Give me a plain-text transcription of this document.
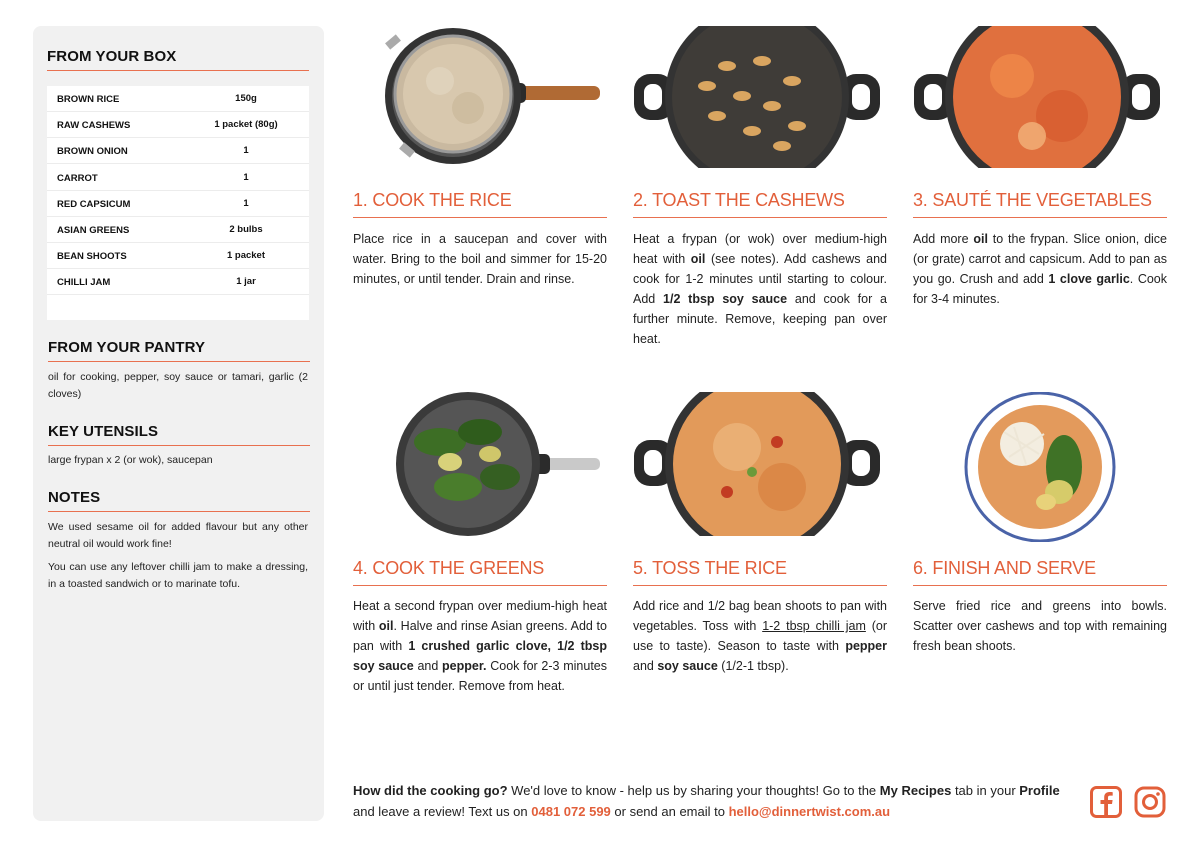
FROM YOUR BOX
BROWN RICE	150g
RAW CASHEWS	1 packet (80g)
BROWN ONION	1
CARROT	1
RED CAPSICUM	1
ASIAN GREENS	2 bulbs
BEAN SHOOTS	1 packet
CHILLI JAM	1 jar
FROM YOUR PANTRY
oil for cooking, pepper, soy sauce or tamari, garlic (2 cloves)
KEY UTENSILS
large frypan x 2 (or wok), saucepan
NOTES
We used sesame oil for added flavour but any other neutral oil would work fine!
You can use any leftover chilli jam to make a dressing, in a toasted sandwich or to marinate tofu.
1. COOK THE RICE
Place rice in a saucepan and cover with water. Bring to the boil and simmer for 15-20 minutes, or until tender. Drain and rinse.
2. TOAST THE CASHEWS
Heat a frypan (or wok) over medium-high heat with oil (see notes). Add cashews and cook for 1-2 minutes until starting to colour. Add 1/2 tbsp soy sauce and cook for a further minute. Remove, keeping pan over heat.
3. SAUTÉ THE VEGETABLES
Add more oil to the frypan. Slice onion, dice (or grate) carrot and capsicum. Add to pan as you go. Crush and add 1 clove garlic. Cook for 3-4 minutes.
4. COOK THE GREENS
Heat a second frypan over medium-high heat with oil. Halve and rinse Asian greens. Add to pan with 1 crushed garlic clove, 1/2 tbsp soy sauce and pepper. Cook for 2-3 minutes or until just tender. Remove from heat.
5. TOSS THE RICE
Add rice and 1/2 bag bean shoots to pan with vegetables. Toss with 1-2 tbsp chilli jam (or use to taste). Season to taste with pepper and soy sauce (1/2-1 tbsp).
6. FINISH AND SERVE
Serve fried rice and greens into bowls. Scatter over cashews and top with remaining fresh bean shoots.
How did the cooking go? We'd love to know - help us by sharing your thoughts! Go to the My Recipes tab in your Profile and leave a review! Text us on 0481 072 599 or send an email to hello@dinnertwist.com.au
